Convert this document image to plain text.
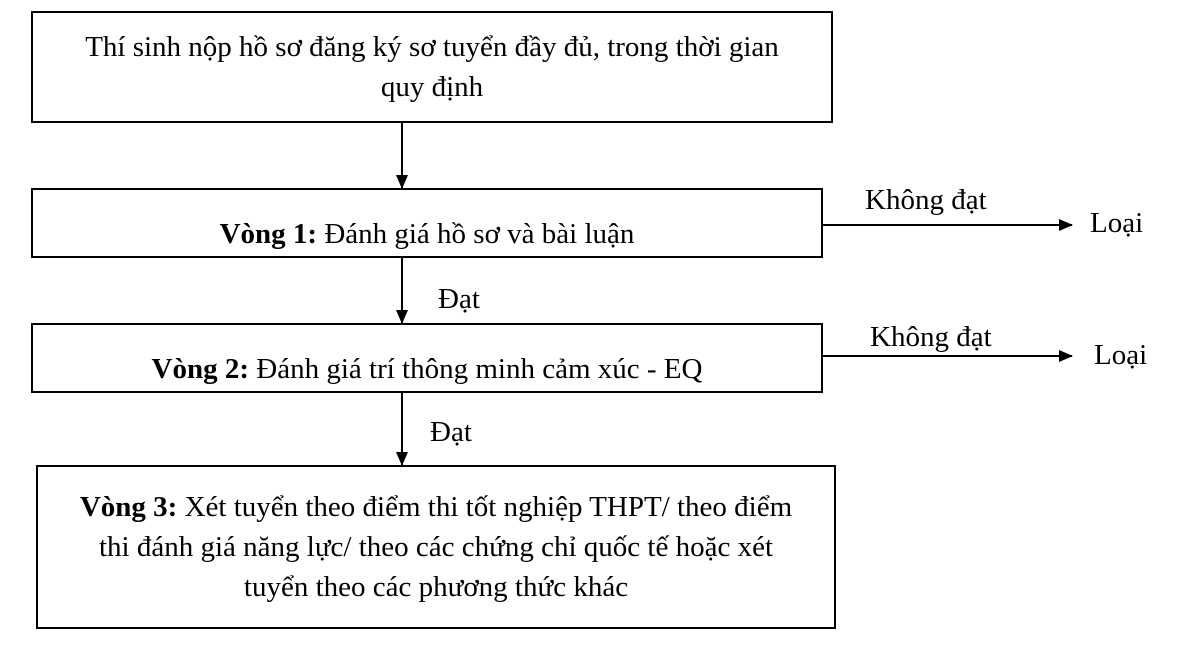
Thí sinh nộp hồ sơ đăng ký sơ tuyển đầy đủ, trong thời gian quy định
Vòng 1: Đánh giá hồ sơ và bài luận
Vòng 2: Đánh giá trí thông minh cảm xúc - EQ
Vòng 3: Xét tuyển theo điểm thi tốt nghiệp THPT/ theo điểm thi đánh giá năng lực/ theo các chứng chỉ quốc tế hoặc xét tuyển theo các phương thức khác
Đạt
Đạt
Không đạt
Không đạt
Loại
Loại
